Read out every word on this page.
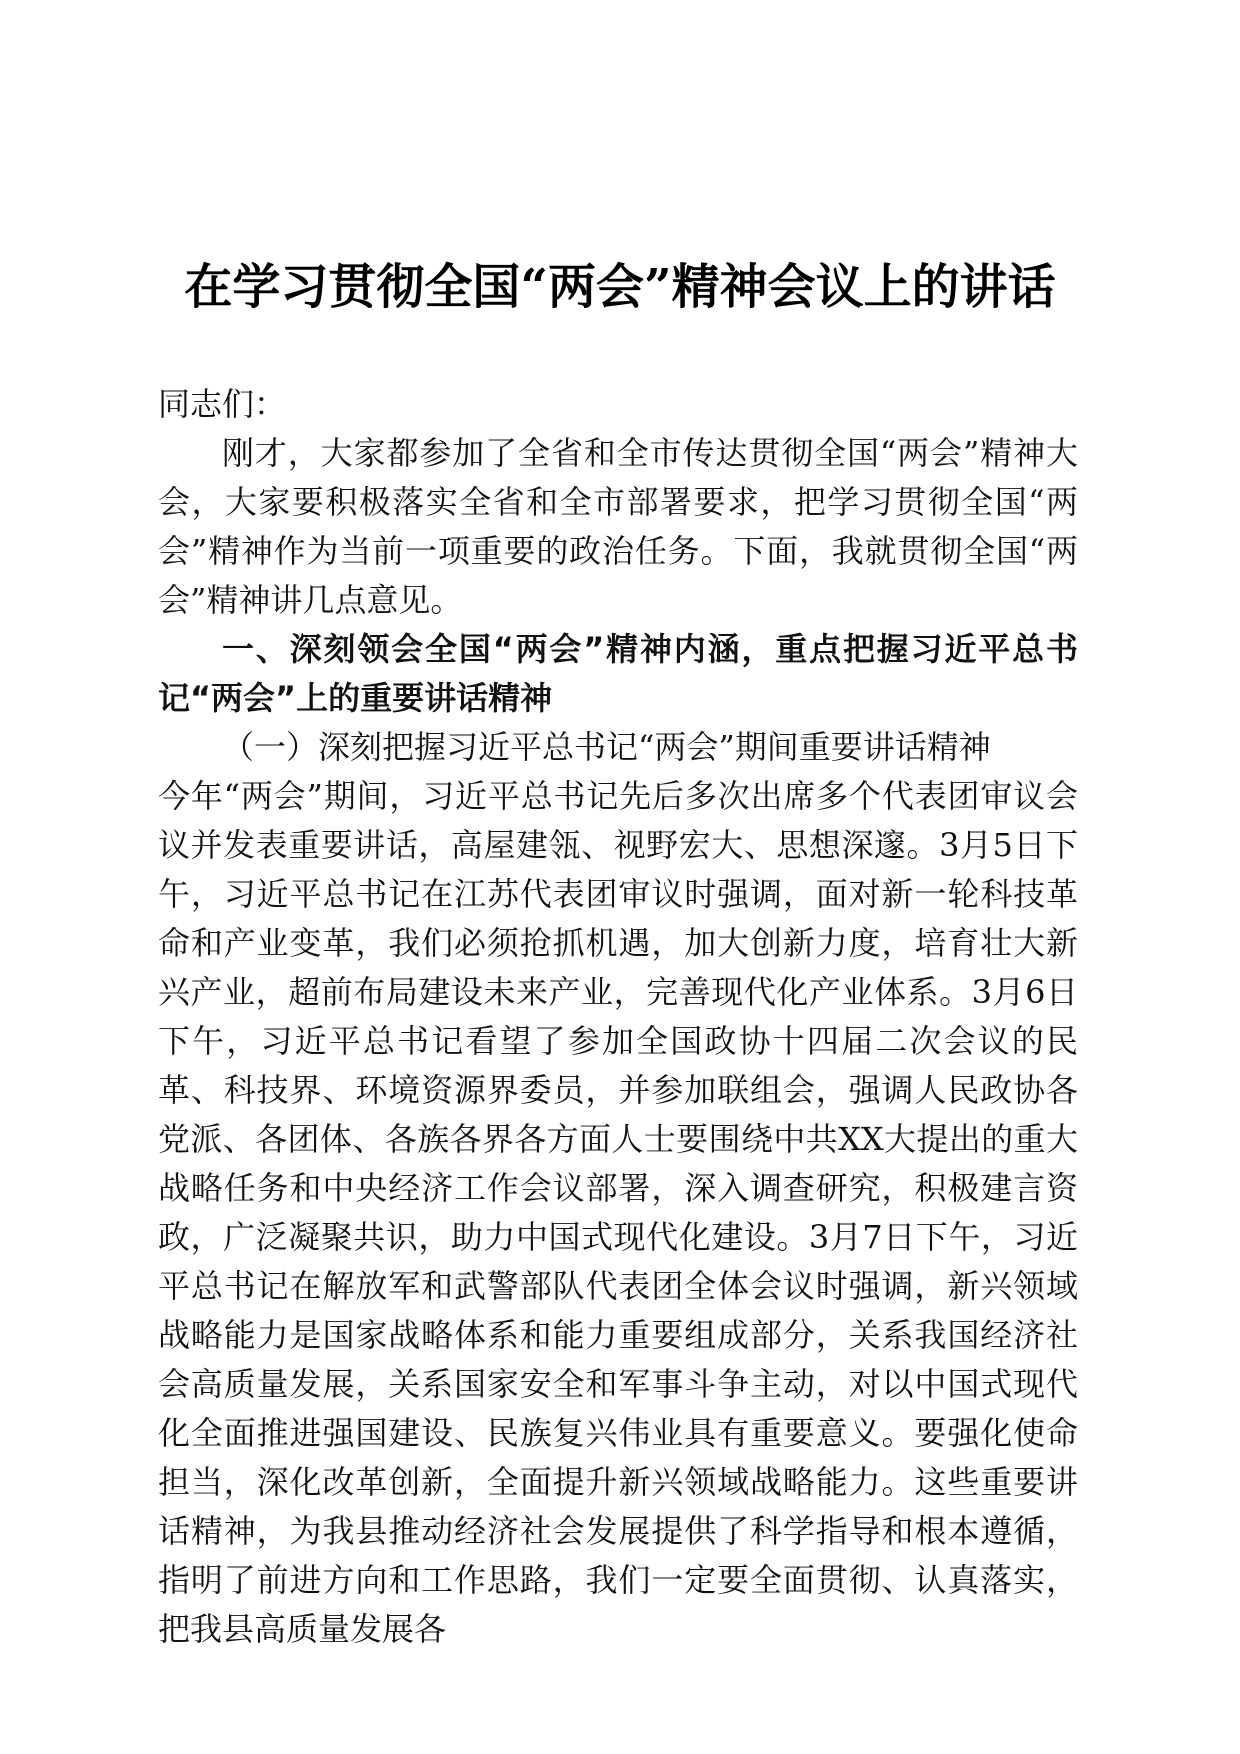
在学习贯彻全国“两会”精神会议上的讲话

同志们：

刚才，大家都参加了全省和全市传达贯彻全国“两会”精神大会，大家要积极落实全省和全市部署要求，把学习贯彻全国“两会”精神作为当前一项重要的政治任务。下面，我就贯彻全国“两会”精神讲几点意见。

一、深刻领会全国“两会”精神内涵，重点把握习近平总书记“两会”上的重要讲话精神

（一）深刻把握习近平总书记“两会”期间重要讲话精神

今年“两会”期间，习近平总书记先后多次出席多个代表团审议会议并发表重要讲话，高屋建瓴、视野宏大、思想深邃。3月5日下午，习近平总书记在江苏代表团审议时强调，面对新一轮科技革命和产业变革，我们必须抢抓机遇，加大创新力度，培育壮大新兴产业，超前布局建设未来产业，完善现代化产业体系。3月6日下午，习近平总书记看望了参加全国政协十四届二次会议的民革、科技界、环境资源界委员，并参加联组会，强调人民政协各党派、各团体、各族各界各方面人士要围绕中共XX大提出的重大战略任务和中央经济工作会议部署，深入调查研究，积极建言资政，广泛凝聚共识，助力中国式现代化建设。3月7日下午，习近平总书记在解放军和武警部队代表团全体会议时强调，新兴领域战略能力是国家战略体系和能力重要组成部分，关系我国经济社会高质量发展，关系国家安全和军事斗争主动，对以中国式现代化全面推进强国建设、民族复兴伟业具有重要意义。要强化使命担当，深化改革创新，全面提升新兴领域战略能力。这些重要讲话精神，为我县推动经济社会发展提供了科学指导和根本遵循，指明了前进方向和工作思路，我们一定要全面贯彻、认真落实，把我县高质量发展各
